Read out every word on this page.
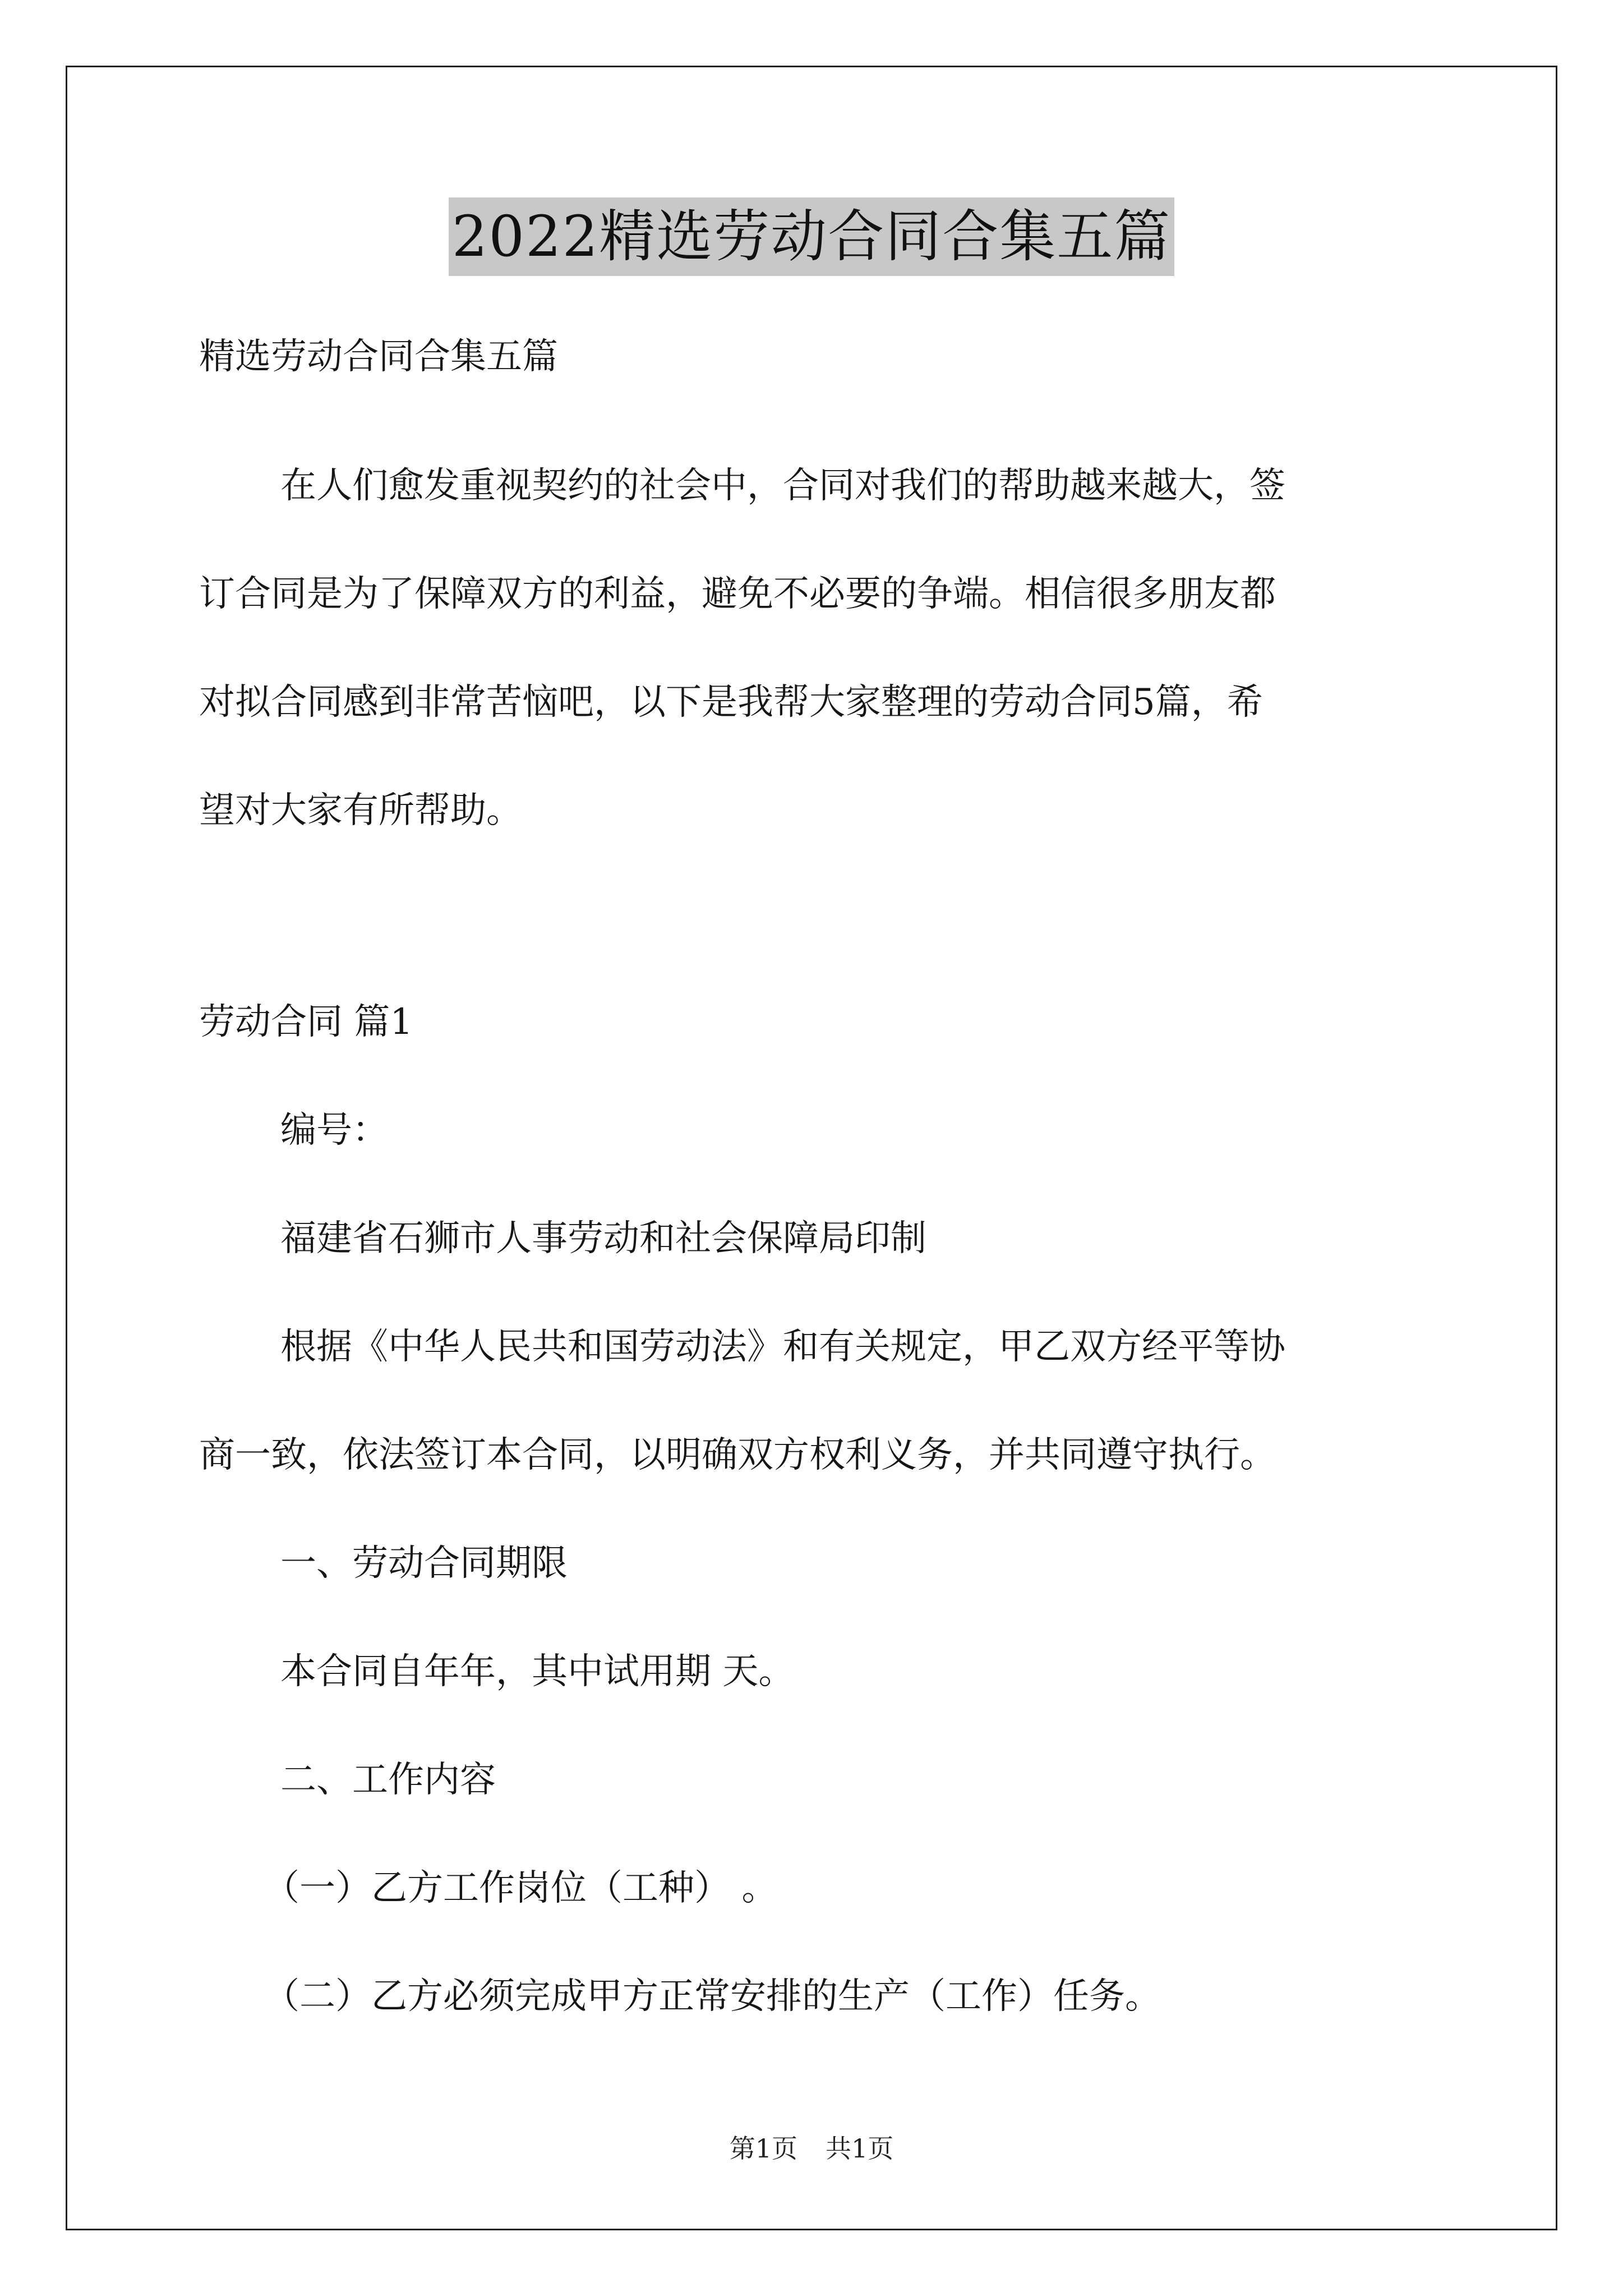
2022精选劳动合同合集五篇
精选劳动合同合集五篇
在人们愈发重视契约的社会中，合同对我们的帮助越来越大，签
订合同是为了保障双方的利益，避免不必要的争端。相信很多朋友都
对拟合同感到非常苦恼吧，以下是我帮大家整理的劳动合同5篇，希
望对大家有所帮助。
劳动合同 篇1
编号：
福建省石狮市人事劳动和社会保障局印制
根据《中华人民共和国劳动法》和有关规定，甲乙双方经平等协
商一致，依法签订本合同，以明确双方权利义务，并共同遵守执行。
一、劳动合同期限
本合同自年年，其中试用期 天。
二、工作内容
（一）乙方工作岗位（工种） 。
（二）乙方必须完成甲方正常安排的生产（工作）任务。
第1页 共1页
